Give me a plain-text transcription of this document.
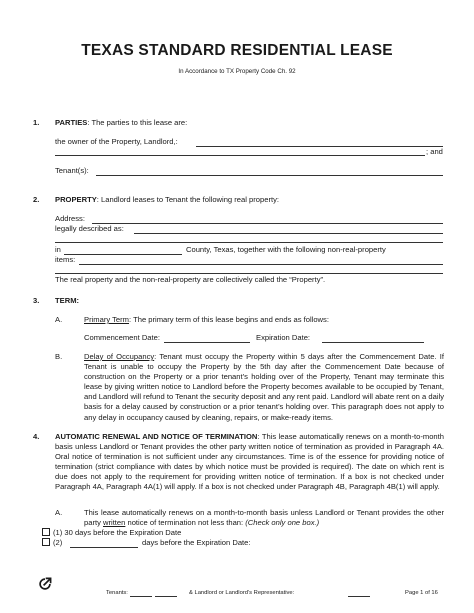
TEXAS STANDARD RESIDENTIAL LEASE
In Accordance to TX Property Code Ch. 92
1. PARTIES: The parties to this lease are:
the owner of the Property, Landlord,:
; and
Tenant(s):
2. PROPERTY: Landlord leases to Tenant the following real property:
Address:
legally described as:
in	County, Texas, together with the following non-real-property
items:
The real property and the non-real-property are collectively called the “Property”.
3. TERM:
A.	Primary Term: The primary term of this lease begins and ends as follows:
Commencement Date:	Expiration Date:
B.	Delay of Occupancy: Tenant must occupy the Property within 5 days after the Commencement Date. If Tenant is unable to occupy the Property by the 5th day after the Commencement Date because of construction on the Property or a prior tenant’s holding over of the Property, Tenant may terminate this lease by giving written notice to Landlord before the Property becomes available to be occupied by Tenant, and Landlord will refund to Tenant the security deposit and any rent paid. Landlord will abate rent on a daily basis for a delay caused by construction or a prior tenant’s holding over. This paragraph does not apply to any delay in occupancy caused by cleaning, repairs, or make-ready items.
4. AUTOMATIC RENEWAL AND NOTICE OF TERMINATION: This lease automatically renews on a month-to-month basis unless Landlord or Tenant provides the other party written notice of termination as provided in Paragraph 4A. Oral notice of termination is not sufficient under any circumstances. Time is of the essence for providing notice of termination (strict compliance with dates by which notice must be provided is required). The date on which rent is due does not apply to the requirement for providing written notice of termination. If a box is not checked under Paragraph 4A, Paragraph 4A(1) will apply. If a box is not checked under Paragraph 4B, Paragraph 4B(1) will apply.
A.	This lease automatically renews on a month-to-month basis unless Landlord or Tenant provides the other party written notice of termination not less than: (Check only one box.)
(1) 30 days before the Expiration Date
(2)	days before the Expiration Date:
Tenants:	& Landlord or Landlord’s Representative:	Page 1 of 16
